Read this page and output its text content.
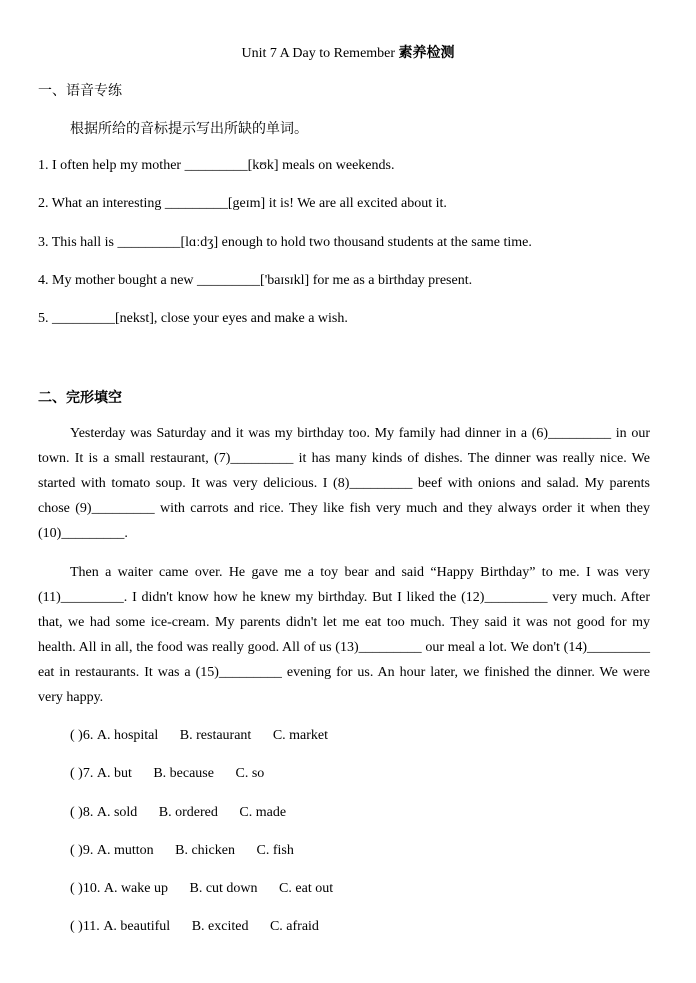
Unit 7 A Day to Remember 素养检测
一、语音专练
根据所给的音标提示写出所缺的单词。
1. I often help my mother _________[kʊk] meals on weekends.
2. What an interesting _________[geɪm] it is! We are all excited about it.
3. This hall is _________[lɑːdʒ] enough to hold two thousand students at the same time.
4. My mother bought a new _________['baɪsɪkl] for me as a birthday present.
5. _________[nekst], close your eyes and make a wish.
二、完形填空
Yesterday was Saturday and it was my birthday too. My family had dinner in a (6)_________ in our town. It is a small restaurant, (7)_________ it has many kinds of dishes. The dinner was really nice. We started with tomato soup. It was very delicious. I (8)_________ beef with onions and salad. My parents chose (9)_________ with carrots and rice. They like fish very much and they always order it when they (10)_________.
Then a waiter came over. He gave me a toy bear and said “Happy Birthday” to me. I was very (11)_________. I didn't know how he knew my birthday. But I liked the (12)_________ very much. After that, we had some ice-cream. My parents didn't let me eat too much. They said it was not good for my health. All in all, the food was really good. All of us (13)_________ our meal a lot. We don't (14)_________ eat in restaurants. It was a (15)_________ evening for us. An hour later, we finished the dinner. We were very happy.
( )6. A. hospital B. restaurant C. market
( )7. A. but B. because C. so
( )8. A. sold B. ordered C. made
( )9. A. mutton B. chicken C. fish
( )10. A. wake up B. cut down C. eat out
( )11. A. beautiful B. excited C. afraid
